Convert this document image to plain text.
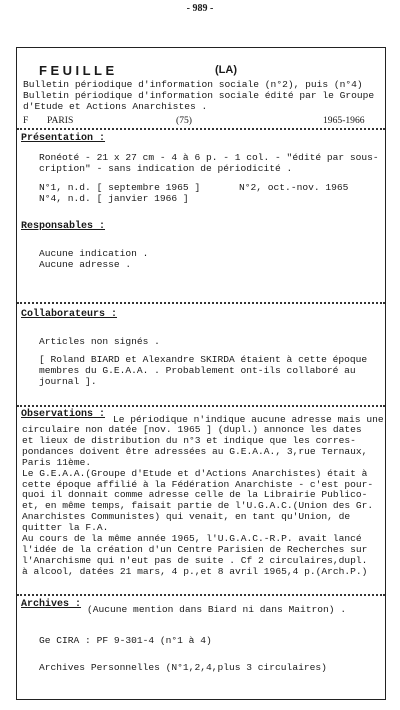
- 989 -
FEUILLE	(LA)
Bulletin périodique d'information sociale (n°2), puis (n°4)
Bulletin périodique d'information sociale édité par le Groupe
d'Etude et Actions Anarchistes .
F PARIS	(75)	1965-1966
Présentation :
Ronéoté - 21 x 27 cm - 4 à 6 p. - 1 col. - "édité par sous-
cription" - sans indication de périodicité .
N°1, n.d. [ septembre 1965 ]	N°2, oct.-nov. 1965
N°4, n.d. [ janvier 1966 ]
Responsables :
Aucune indication .
Aucune adresse .
Collaborateurs :
Articles non signés .
[ Roland BIARD et Alexandre SKIRDA étaient à cette époque
membres du G.E.A.A. . Probablement ont-ils collaboré au
journal ].
Observations : Le périodique n'indique aucune adresse mais une
circulaire non datée [nov. 1965 ] (dupl.) annonce les dates
et lieux de distribution du n°3 et indique que les corres-
pondances doivent être adressées au G.E.A.A., 3,rue Ternaux,
Paris 11ème.
Le G.E.A.A.(Groupe d'Etude et d'Actions Anarchistes) était à
cette époque affilié à la Fédération Anarchiste - c'est pour-
quoi il donnait comme adresse celle de la Librairie Publico-
et, en même temps, faisait partie de l'U.G.A.C.(Union des Gr.
Anarchistes Communistes) qui venait, en tant qu'Union, de
quitter la F.A.
Au cours de la même année 1965, l'U.G.A.C.-R.P. avait lancé
l'idée de la création d'un Centre Parisien de Recherches sur
l'Anarchisme qui n'eut pas de suite . Cf 2 circulaires,dupl.
à alcool, datées 21 mars, 4 p.,et 8 avril 1965,4 p.(Arch.P.)
Archives : (Aucune mention dans Biard ni dans Maitron) .
Ge CIRA : PF 9-301-4 (n°1 à 4)
Archives Personnelles (N°1,2,4,plus 3 circulaires)
